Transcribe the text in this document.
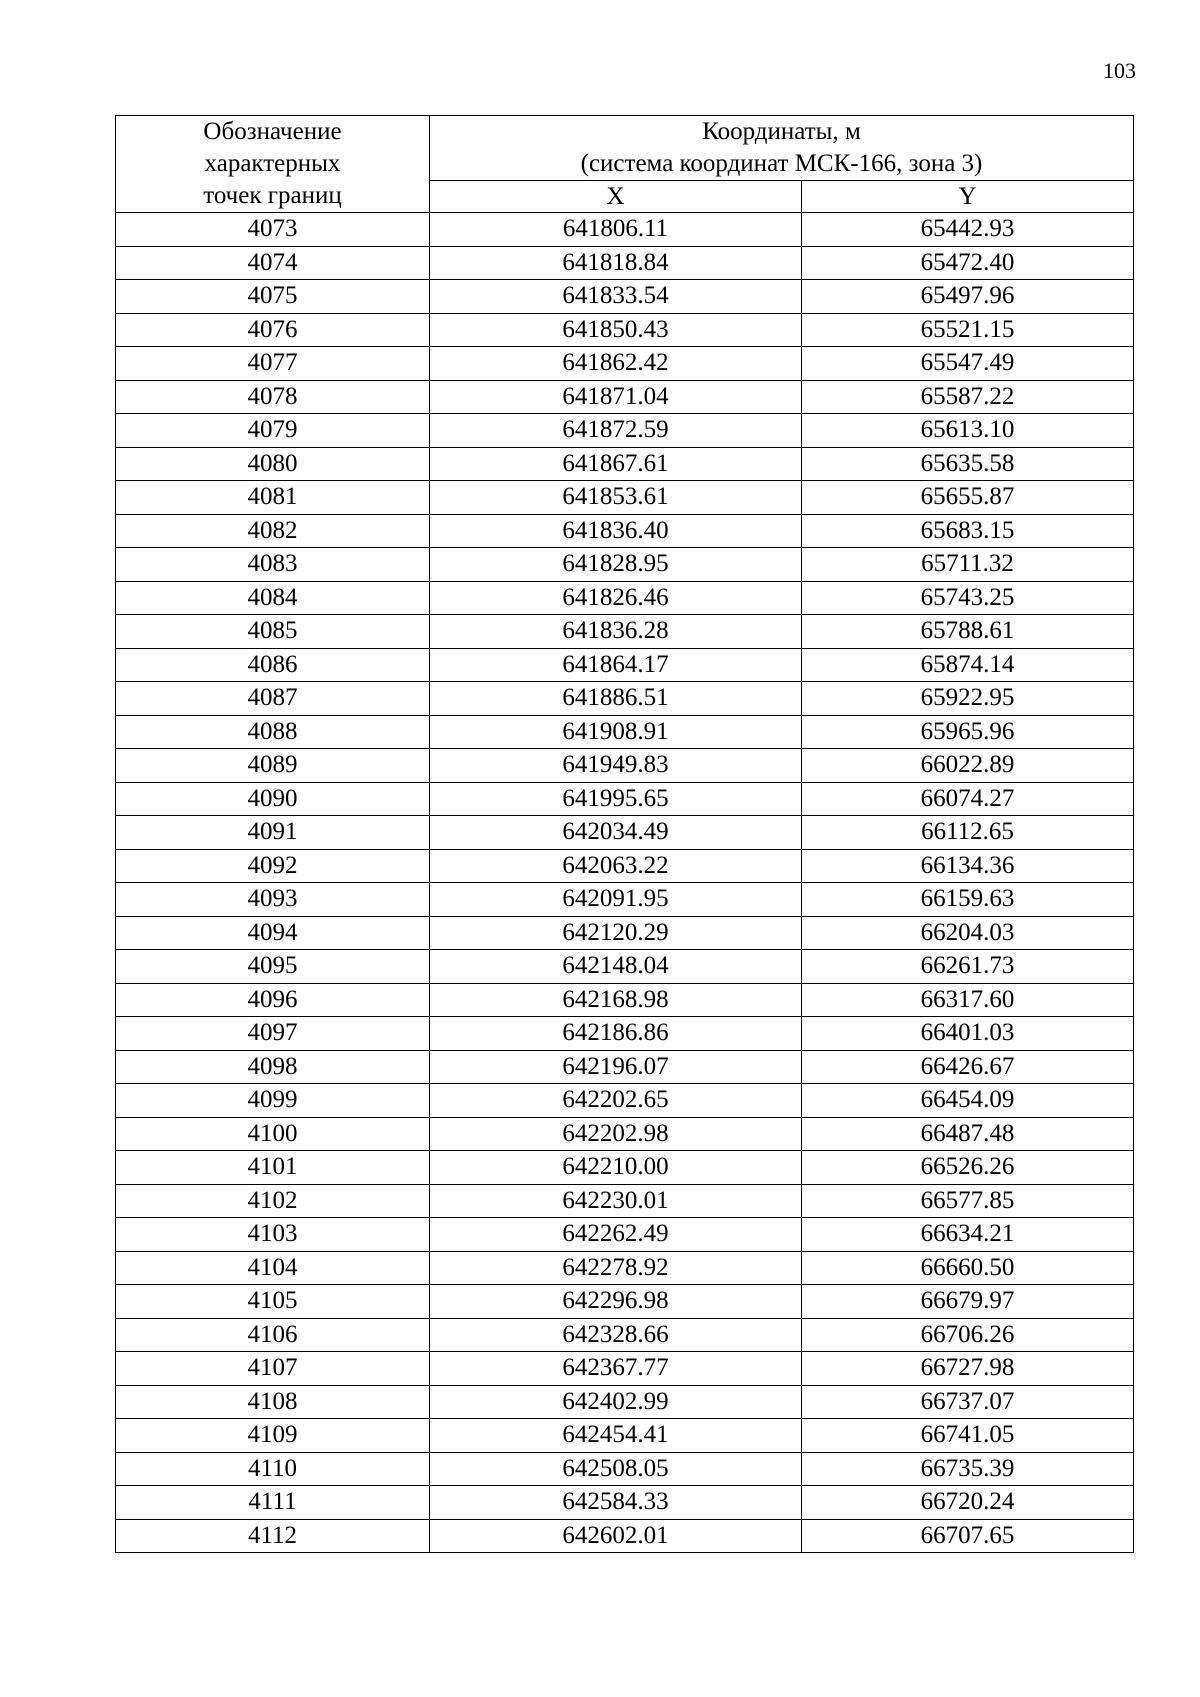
103
Обозначение
характерных
точек границ	Координаты, м
(система координат МСК-166, зона 3)	

	X	Y
4073	641806.11	65442.93
4074	641818.84	65472.40
4075	641833.54	65497.96
4076	641850.43	65521.15
4077	641862.42	65547.49
4078	641871.04	65587.22
4079	641872.59	65613.10
4080	641867.61	65635.58
4081	641853.61	65655.87
4082	641836.40	65683.15
4083	641828.95	65711.32
4084	641826.46	65743.25
4085	641836.28	65788.61
4086	641864.17	65874.14
4087	641886.51	65922.95
4088	641908.91	65965.96
4089	641949.83	66022.89
4090	641995.65	66074.27
4091	642034.49	66112.65
4092	642063.22	66134.36
4093	642091.95	66159.63
4094	642120.29	66204.03
4095	642148.04	66261.73
4096	642168.98	66317.60
4097	642186.86	66401.03
4098	642196.07	66426.67
4099	642202.65	66454.09
4100	642202.98	66487.48
4101	642210.00	66526.26
4102	642230.01	66577.85
4103	642262.49	66634.21
4104	642278.92	66660.50
4105	642296.98	66679.97
4106	642328.66	66706.26
4107	642367.77	66727.98
4108	642402.99	66737.07
4109	642454.41	66741.05
4110	642508.05	66735.39
4111	642584.33	66720.24
4112	642602.01	66707.65
